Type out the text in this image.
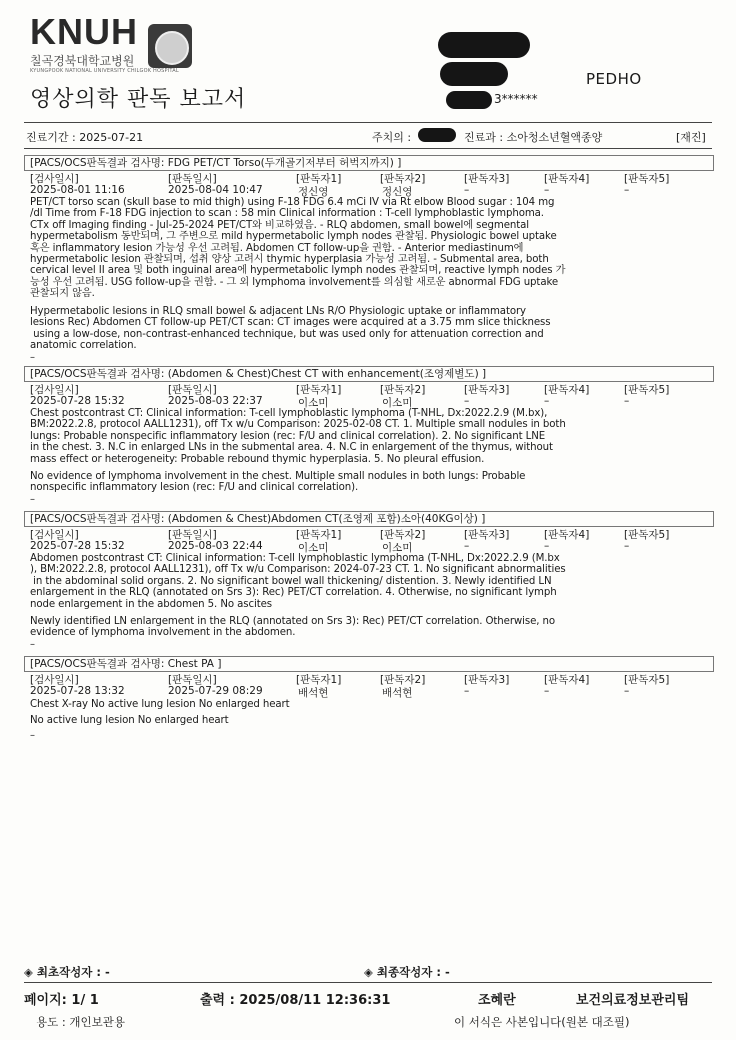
KNUH
칠곡경북대학교병원
KYUNGPOOK NATIONAL UNIVERSITY CHILGOK HOSPITAL
영상의학 판독 보고서
PEDHO
3******
진료기간 : 2025-07-21	주치의 :	진료과 : 소아청소년혈액종양	[재진]
[PACS/OCS판독결과 검사명: FDG PET/CT Torso(두개골기저부터 허벅지까지) ]
[검사일시]	[판독일시]	[판독자1]	[판독자2]	[판독자3]	[판독자4]	[판독자5]
2025-08-01 11:16	2025-08-04 10:47	정신영	정신영	–	–	–
PET/CT torso scan (skull base to mid thigh) using F-18 FDG 6.4 mCi IV via Rt elbow Blood sugar : 104 mg
/dl Time from F-18 FDG injection to scan : 58 min Clinical information : T-cell lymphoblastic lymphoma.
CTx off Imaging finding - Jul-25-2024 PET/CT와 비교하였음. - RLQ abdomen, small bowel에 segmental
hypermetabolism 동반되며, 그 주변으로 mild hypermetabolic lymph nodes 관찰됨. Physiologic bowel uptake
혹은 inflammatory lesion 가능성 우선 고려됨. Abdomen CT follow-up을 권함. - Anterior mediastinum에
hypermetabolic lesion 관찰되며, 섭취 양상 고려시 thymic hyperplasia 가능성 고려됨. - Submental area, both
cervical level II area 및 both inguinal area에 hypermetabolic lymph nodes 관찰되며, reactive lymph nodes 가
능성 우선 고려됨. USG follow-up을 권함. - 그 외 lymphoma involvement를 의심할 새로운 abnormal FDG uptake
관찰되지 않음.
Hypermetabolic lesions in RLQ small bowel & adjacent LNs R/O Physiologic uptake or inflammatory
lesions Rec) Abdomen CT follow-up PET/CT scan: CT images were acquired at a 3.75 mm slice thickness
using a low-dose, non-contrast-enhanced technique, but was used only for attenuation correction and
anatomic correlation.
–
[PACS/OCS판독결과 검사명: (Abdomen & Chest)Chest CT with enhancement(조영제별도) ]
[검사일시]	[판독일시]	[판독자1]	[판독자2]	[판독자3]	[판독자4]	[판독자5]
2025-07-28 15:32	2025-08-03 22:37	이소미	이소미	–	–	–
Chest postcontrast CT: Clinical information: T-cell lymphoblastic lymphoma (T-NHL, Dx:2022.2.9 (M.bx),
BM:2022.2.8, protocol AALL1231), off Tx w/u Comparison: 2025-02-08 CT. 1. Multiple small nodules in both
lungs: Probable nonspecific inflammatory lesion (rec: F/U and clinical correlation). 2. No significant LNE
in the chest. 3. N.C in enlarged LNs in the submental area. 4. N.C in enlargement of the thymus, without
mass effect or heterogeneity: Probable rebound thymic hyperplasia. 5. No pleural effusion.
No evidence of lymphoma involvement in the chest. Multiple small nodules in both lungs: Probable
nonspecific inflammatory lesion (rec: F/U and clinical correlation).
–
[PACS/OCS판독결과 검사명: (Abdomen & Chest)Abdomen CT(조영제 포함)소아(40KG이상) ]
[검사일시]	[판독일시]	[판독자1]	[판독자2]	[판독자3]	[판독자4]	[판독자5]
2025-07-28 15:32	2025-08-03 22:44	이소미	이소미	–	–	–
Abdomen postcontrast CT: Clinical information: T-cell lymphoblastic lymphoma (T-NHL, Dx:2022.2.9 (M.bx
), BM:2022.2.8, protocol AALL1231), off Tx w/u Comparison: 2024-07-23 CT. 1. No significant abnormalities
in the abdominal solid organs. 2. No significant bowel wall thickening/ distention. 3. Newly identified LN
enlargement in the RLQ (annotated on Srs 3): Rec) PET/CT correlation. 4. Otherwise, no significant lymph
node enlargement in the abdomen 5. No ascites
Newly identified LN enlargement in the RLQ (annotated on Srs 3): Rec) PET/CT correlation. Otherwise, no
evidence of lymphoma involvement in the abdomen.
–
[PACS/OCS판독결과 검사명: Chest PA ]
[검사일시]	[판독일시]	[판독자1]	[판독자2]	[판독자3]	[판독자4]	[판독자5]
2025-07-28 13:32	2025-07-29 08:29	배석현	배석현	–	–	–
Chest X-ray No active lung lesion No enlarged heart
No active lung lesion No enlarged heart
–
◈ 최초작성자 : -	◈ 최종작성자 : -
페이지: 1/ 1	출력 : 2025/08/11 12:36:31	조혜란	보건의료정보관리팀
용도 : 개인보관용	이 서식은 사본입니다(원본 대조필)
